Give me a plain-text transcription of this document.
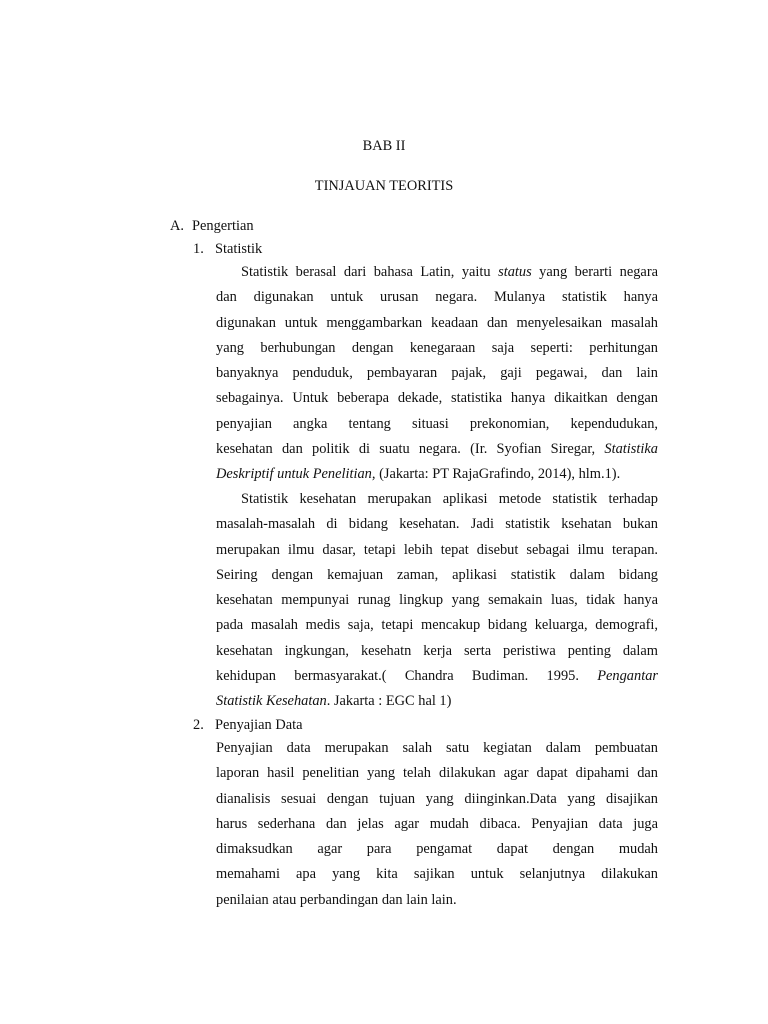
BAB II
TINJAUAN TEORITIS
A. Pengertian
1. Statistik
Statistik berasal dari bahasa Latin, yaitu status yang berarti negara
dan digunakan untuk urusan negara. Mulanya statistik hanya
digunakan untuk menggambarkan keadaan dan menyelesaikan masalah
yang berhubungan dengan kenegaraan saja seperti: perhitungan
banyaknya penduduk, pembayaran pajak, gaji pegawai, dan lain
sebagainya. Untuk beberapa dekade, statistika hanya dikaitkan dengan
penyajian angka tentang situasi prekonomian, kependudukan,
kesehatan dan politik di suatu negara. (Ir. Syofian Siregar, Statistika
Deskriptif untuk Penelitian, (Jakarta: PT RajaGrafindo, 2014), hlm.1).
Statistik kesehatan merupakan aplikasi metode statistik terhadap
masalah-masalah di bidang kesehatan. Jadi statistik ksehatan bukan
merupakan ilmu dasar, tetapi lebih tepat disebut sebagai ilmu terapan.
Seiring dengan kemajuan zaman, aplikasi statistik dalam bidang
kesehatan mempunyai runag lingkup yang semakain luas, tidak hanya
pada masalah medis saja, tetapi mencakup bidang keluarga, demografi,
kesehatan ingkungan, kesehatn kerja serta peristiwa penting dalam
kehidupan bermasyarakat.( Chandra Budiman. 1995. Pengantar
Statistik Kesehatan. Jakarta : EGC hal 1)
2. Penyajian Data
Penyajian data merupakan salah satu kegiatan dalam pembuatan
laporan hasil penelitian yang telah dilakukan agar dapat dipahami dan
dianalisis sesuai dengan tujuan yang diinginkan.Data yang disajikan
harus sederhana dan jelas agar mudah dibaca. Penyajian data juga
dimaksudkan agar para pengamat dapat dengan mudah
memahami apa yang kita sajikan untuk selanjutnya dilakukan
penilaian atau perbandingan dan lain lain.
